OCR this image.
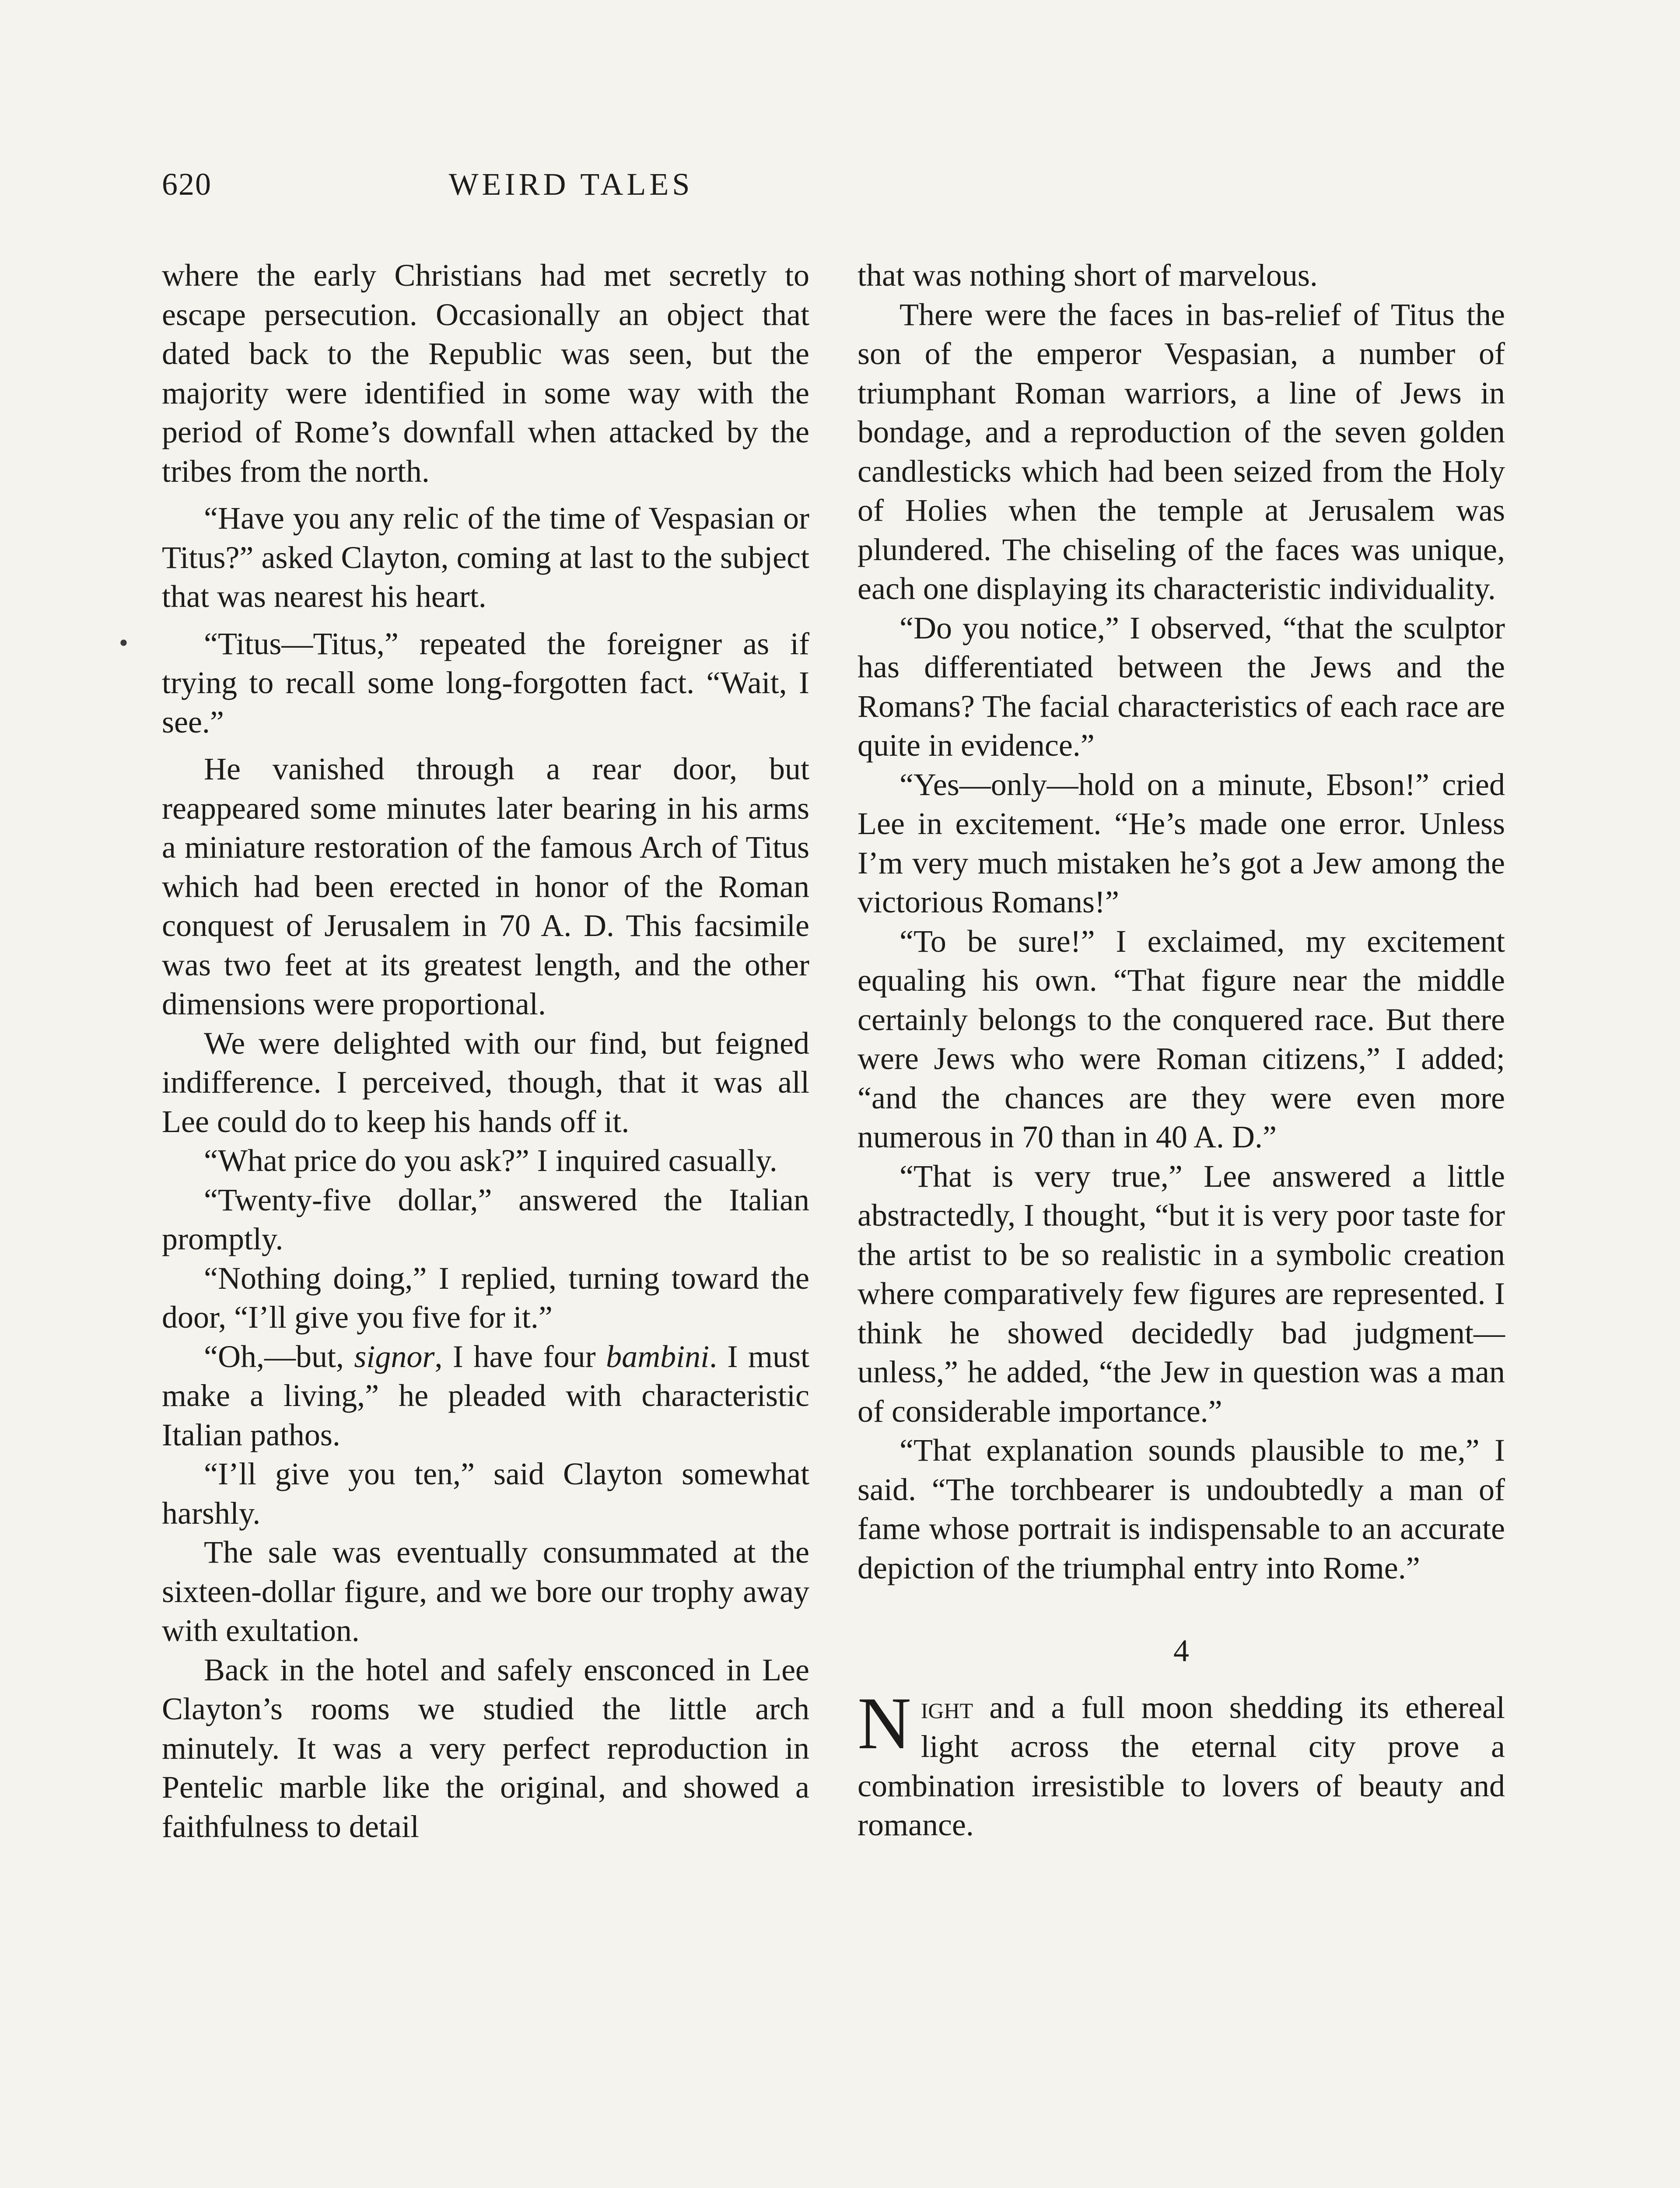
620	WEIRD TALES
•

where the early Christians had met secretly to escape persecution. Occasionally an object that dated back to the Republic was seen, but the majority were identified in some way with the period of Rome’s downfall when attacked by the tribes from the north.

“Have you any relic of the time of Vespasian or Titus?” asked Clayton, coming at last to the subject that was nearest his heart.

“Titus—Titus,” repeated the foreigner as if trying to recall some long-forgotten fact. “Wait, I see.”

He vanished through a rear door, but reappeared some minutes later bearing in his arms a miniature restoration of the famous Arch of Titus which had been erected in honor of the Roman conquest of Jerusalem in 70 A. D. This facsimile was two feet at its greatest length, and the other dimensions were proportional.

We were delighted with our find, but feigned indifference. I perceived, though, that it was all Lee could do to keep his hands off it.

“What price do you ask?” I inquired casually.

“Twenty-five dollar,” answered the Italian promptly.

“Nothing doing,” I replied, turning toward the door, “I’ll give you five for it.”

“Oh,—but, signor, I have four bambini. I must make a living,” he pleaded with characteristic Italian pathos.

“I’ll give you ten,” said Clayton somewhat harshly.

The sale was eventually consummated at the sixteen-dollar figure, and we bore our trophy away with exultation.

Back in the hotel and safely ensconced in Lee Clayton’s rooms we studied the little arch minutely. It was a very perfect reproduction in Pentelic marble like the original, and showed a faithfulness to detail

that was nothing short of marvelous.

There were the faces in bas-relief of Titus the son of the emperor Vespasian, a number of triumphant Roman warriors, a line of Jews in bondage, and a reproduction of the seven golden candlesticks which had been seized from the Holy of Holies when the temple at Jerusalem was plundered. The chiseling of the faces was unique, each one displaying its characteristic individuality.

“Do you notice,” I observed, “that the sculptor has differentiated between the Jews and the Romans? The facial characteristics of each race are quite in evidence.”

“Yes—only—hold on a minute, Ebson!” cried Lee in excitement. “He’s made one error. Unless I’m very much mistaken he’s got a Jew among the victorious Romans!”

“To be sure!” I exclaimed, my excitement equaling his own. “That figure near the middle certainly belongs to the conquered race. But there were Jews who were Roman citizens,” I added; “and the chances are they were even more numerous in 70 than in 40 A. D.”

“That is very true,” Lee answered a little abstractedly, I thought, “but it is very poor taste for the artist to be so realistic in a symbolic creation where comparatively few figures are represented. I think he showed decidedly bad judgment—unless,” he added, “the Jew in question was a man of considerable importance.”

“That explanation sounds plausible to me,” I said. “The torchbearer is undoubtedly a man of fame whose portrait is indispensable to an accurate depiction of the triumphal entry into Rome.”

4

Night and a full moon shedding its ethereal light across the eternal city prove a combination irresistible to lovers of beauty and romance.
